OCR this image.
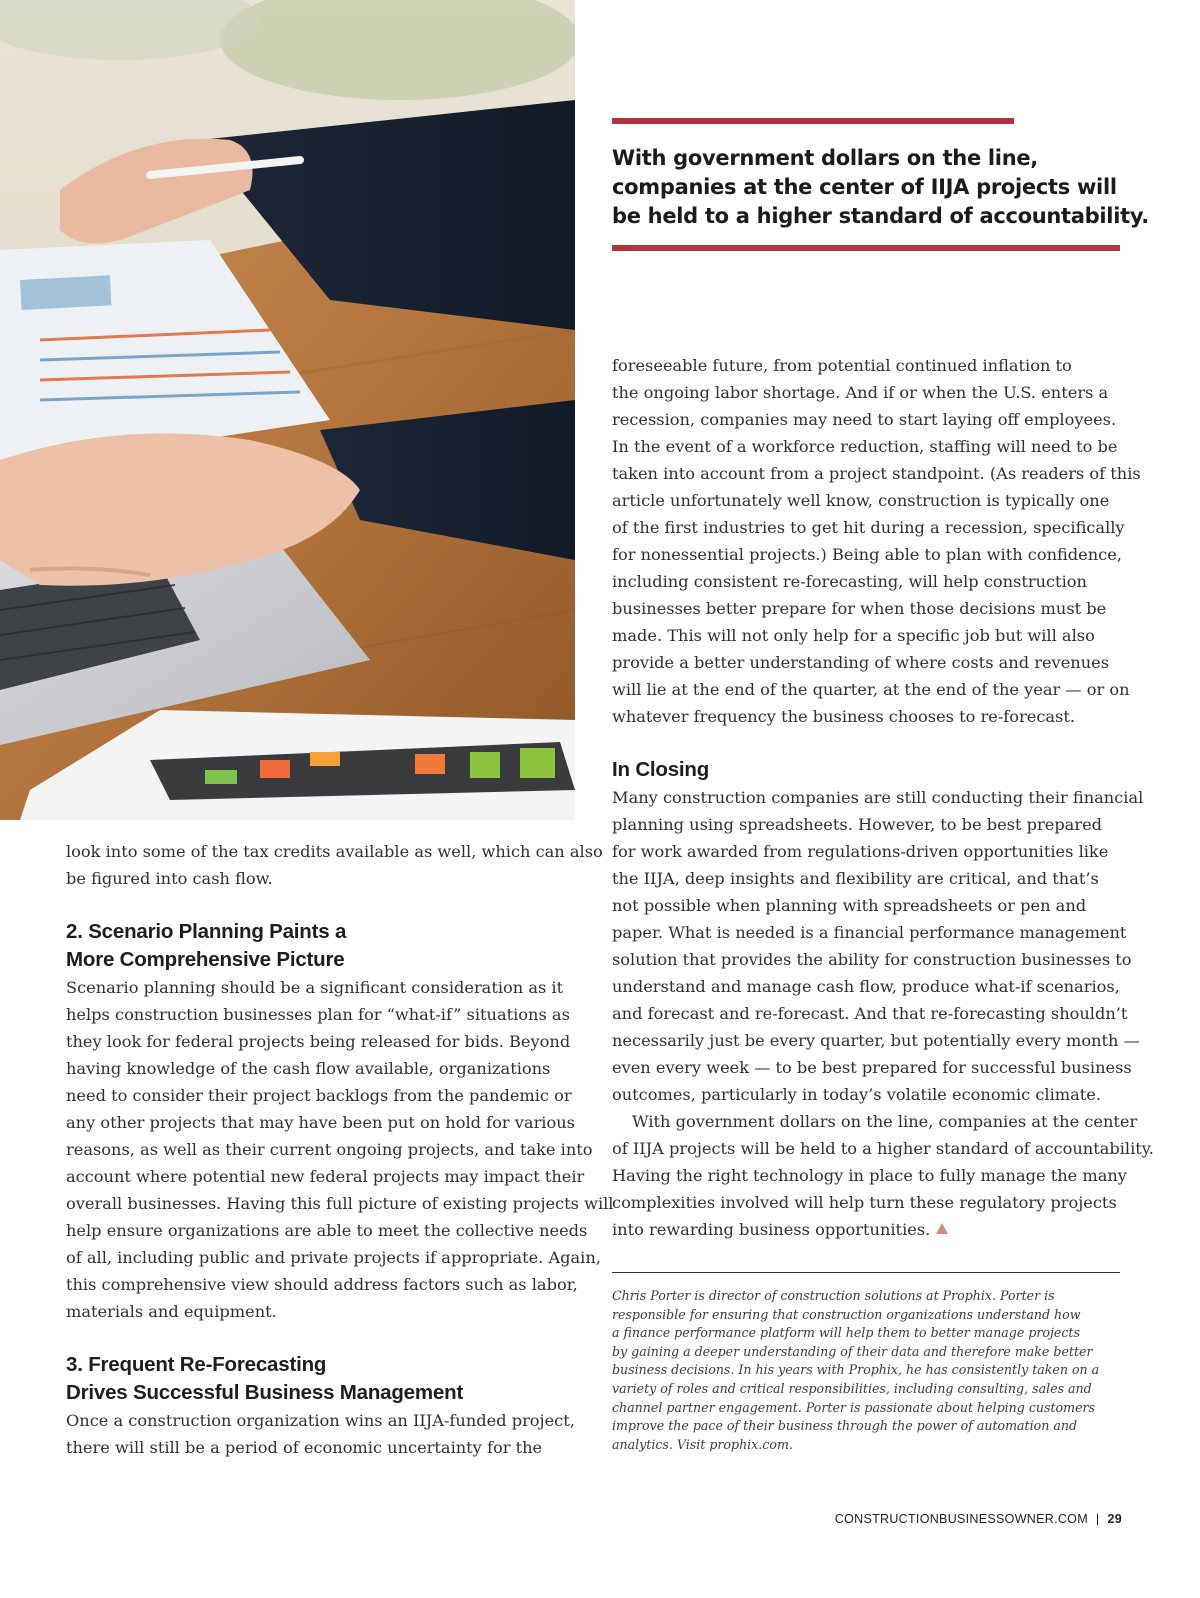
With government dollars on the line,
companies at the center of IIJA projects will
be held to a higher standard of accountability.

look into some of the tax credits available as well, which can also
be figured into cash flow.

2. Scenario Planning Paints a
More Comprehensive Picture

Scenario planning should be a significant consideration as it
helps construction businesses plan for “what-if” situations as
they look for federal projects being released for bids. Beyond
having knowledge of the cash flow available, organizations
need to consider their project backlogs from the pandemic or
any other projects that may have been put on hold for various
reasons, as well as their current ongoing projects, and take into
account where potential new federal projects may impact their
overall businesses. Having this full picture of existing projects will
help ensure organizations are able to meet the collective needs
of all, including public and private projects if appropriate. Again,
this comprehensive view should address factors such as labor,
materials and equipment.

3. Frequent Re-Forecasting
Drives Successful Business Management

Once a construction organization wins an IIJA-funded project,
there will still be a period of economic uncertainty for the

foreseeable future, from potential continued inflation to
the ongoing labor shortage. And if or when the U.S. enters a
recession, companies may need to start laying off employees.
In the event of a workforce reduction, staffing will need to be
taken into account from a project standpoint. (As readers of this
article unfortunately well know, construction is typically one
of the first industries to get hit during a recession, specifically
for nonessential projects.) Being able to plan with confidence,
including consistent re-forecasting, will help construction
businesses better prepare for when those decisions must be
made. This will not only help for a specific job but will also
provide a better understanding of where costs and revenues
will lie at the end of the quarter, at the end of the year — or on
whatever frequency the business chooses to re-forecast.

In Closing

Many construction companies are still conducting their financial
planning using spreadsheets. However, to be best prepared
for work awarded from regulations-driven opportunities like
the IIJA, deep insights and flexibility are critical, and that’s
not possible when planning with spreadsheets or pen and
paper. What is needed is a financial performance management
solution that provides the ability for construction businesses to
understand and manage cash flow, produce what-if scenarios,
and forecast and re-forecast. And that re-forecasting shouldn’t
necessarily just be every quarter, but potentially every month —
even every week — to be best prepared for successful business
outcomes, particularly in today’s volatile economic climate.

With government dollars on the line, companies at the center
of IIJA projects will be held to a higher standard of accountability.
Having the right technology in place to fully manage the many
complexities involved will help turn these regulatory projects
into rewarding business opportunities.

Chris Porter is director of construction solutions at Prophix. Porter is
responsible for ensuring that construction organizations understand how
a finance performance platform will help them to better manage projects
by gaining a deeper understanding of their data and therefore make better
business decisions. In his years with Prophix, he has consistently taken on a
variety of roles and critical responsibilities, including consulting, sales and
channel partner engagement. Porter is passionate about helping customers
improve the pace of their business through the power of automation and
analytics. Visit prophix.com.
CONSTRUCTIONBUSINESSOWNER.COM | 29
